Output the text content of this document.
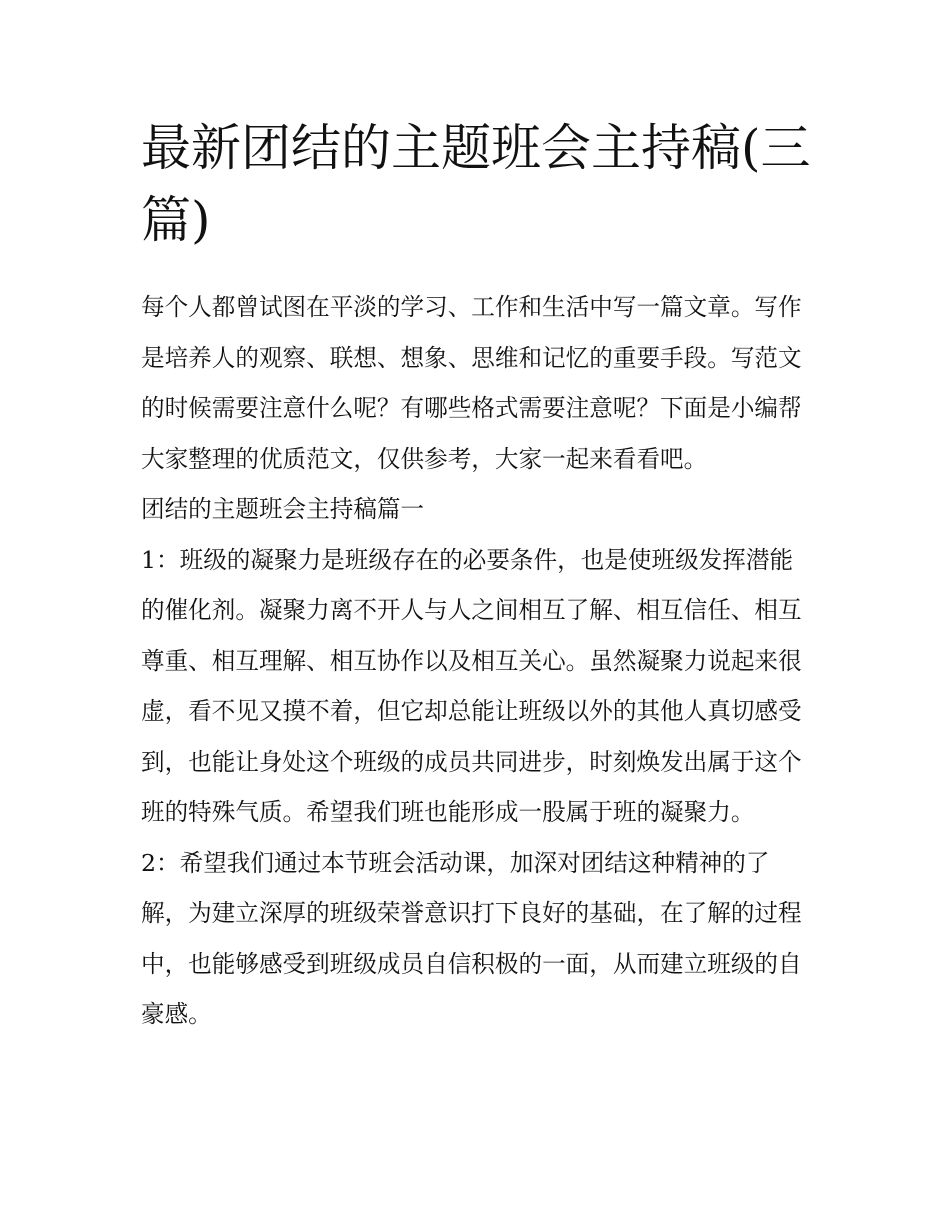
最新团结的主题班会主持稿(三篇)

每个人都曾试图在平淡的学习、工作和生活中写一篇文章。写作是培养人的观察、联想、想象、思维和记忆的重要手段。写范文的时候需要注意什么呢？有哪些格式需要注意呢？下面是小编帮大家整理的优质范文，仅供参考，大家一起来看看吧。

团结的主题班会主持稿篇一

1：班级的凝聚力是班级存在的必要条件，也是使班级发挥潜能的催化剂。凝聚力离不开人与人之间相互了解、相互信任、相互尊重、相互理解、相互协作以及相互关心。虽然凝聚力说起来很虚，看不见又摸不着，但它却总能让班级以外的其他人真切感受到，也能让身处这个班级的成员共同进步，时刻焕发出属于这个班的特殊气质。希望我们班也能形成一股属于班的凝聚力。

2：希望我们通过本节班会活动课，加深对团结这种精神的了解，为建立深厚的班级荣誉意识打下良好的基础，在了解的过程中，也能够感受到班级成员自信积极的一面，从而建立班级的自豪感。
